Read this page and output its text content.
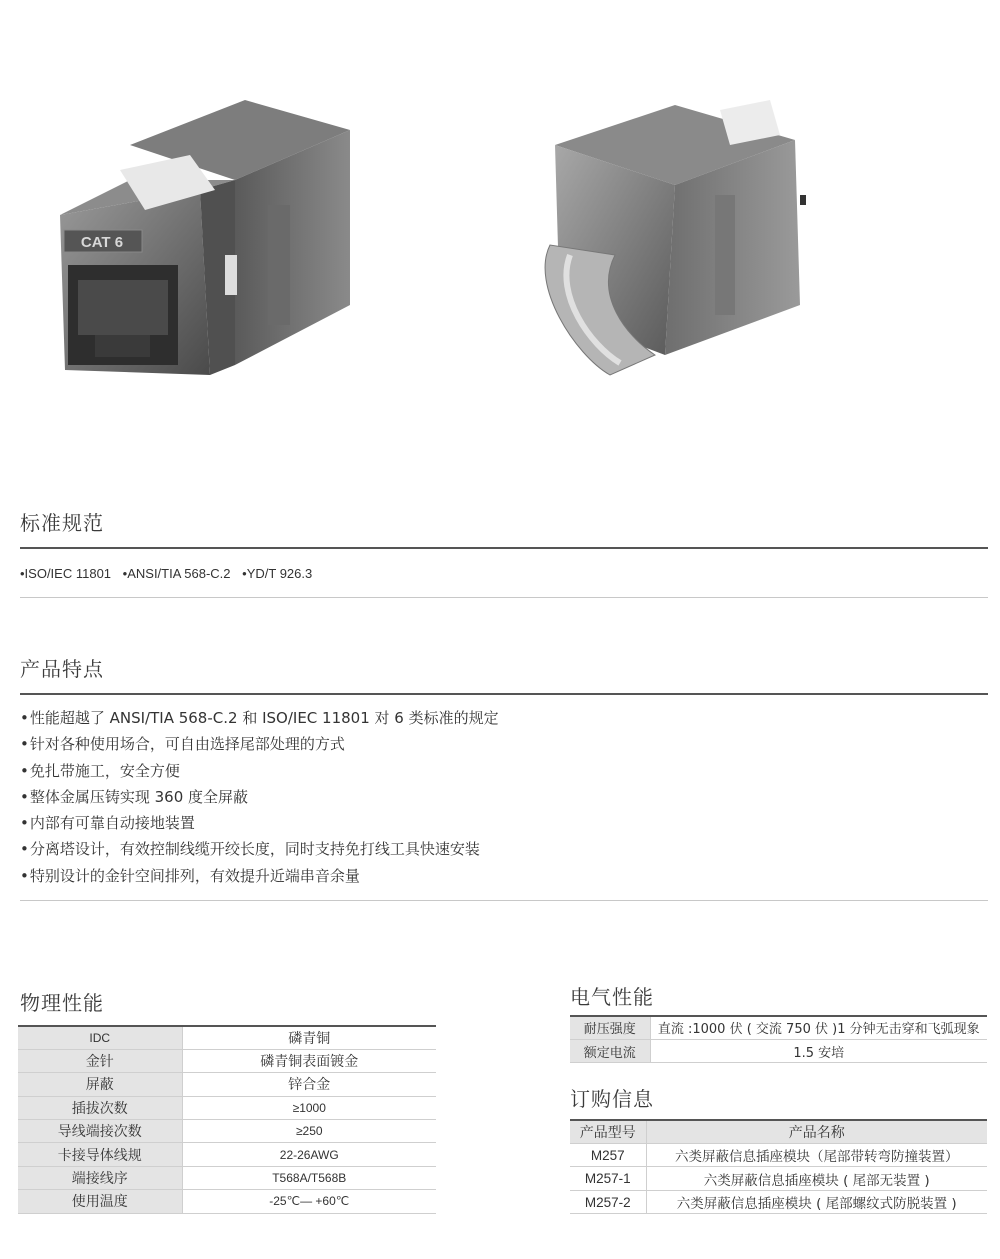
CAT 6
标准规范
•ISO/IEC 11801 •ANSI/TIA 568-C.2 •YD/T 926.3
产品特点
• 性能超越了 ANSI/TIA 568-C.2 和 ISO/IEC 11801 对 6 类标准的规定
• 针对各种使用场合，可自由选择尾部处理的方式
• 免扎带施工，安全方便
• 整体金属压铸实现 360 度全屏蔽
• 内部有可靠自动接地装置
• 分离塔设计，有效控制线缆开绞长度，同时支持免打线工具快速安装
• 特别设计的金针空间排列，有效提升近端串音余量
物理性能
IDC	磷青铜
金针	磷青铜表面镀金
屏蔽	锌合金
插拔次数	≥1000
导线端接次数	≥250
卡接导体线规	22-26AWG
端接线序	T568A/T568B
使用温度	-25℃— +60℃
电气性能
耐压强度	直流 :1000 伏 ( 交流 750 伏 )1 分钟无击穿和飞弧现象
额定电流	1.5 安培
订购信息
产品型号	产品名称
M257	六类屏蔽信息插座模块（尾部带转弯防撞装置）
M257-1	六类屏蔽信息插座模块 ( 尾部无装置 )
M257-2	六类屏蔽信息插座模块 ( 尾部螺纹式防脱装置 )
